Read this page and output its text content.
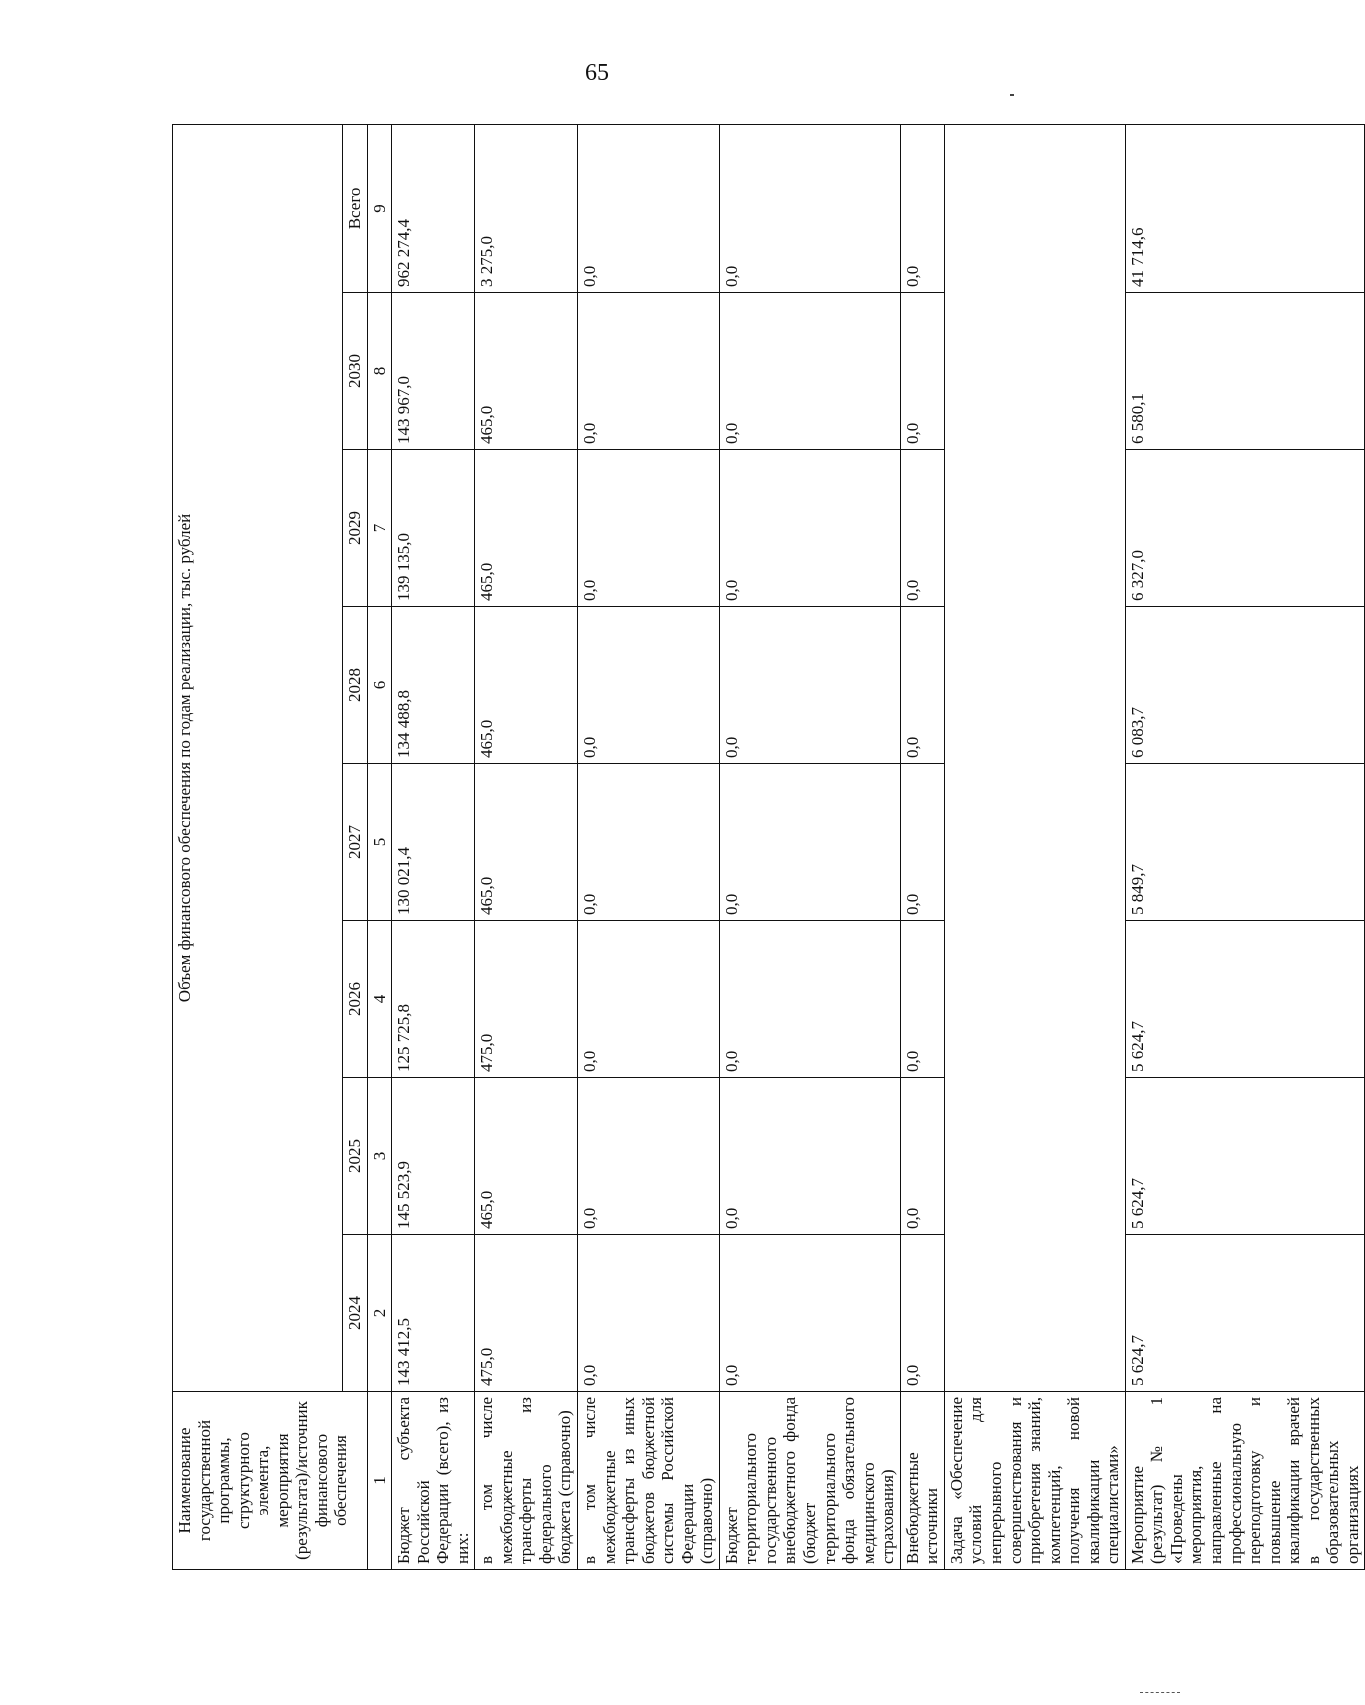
65
Наименование государственной программы, структурного элемента, мероприятия (результата)/источник финансового обеспечения	Объем финансового обеспечения по годам реализации, тыс. рублей							
	2024	2025	2026	2027	2028	2029	2030	Всего

1	2	3	4	5	6	7	8	9
Бюджет субъекта Российской Федерации (всего), из них:	143 412,5	145 523,9	125 725,8	130 021,4	134 488,8	139 135,0	143 967,0	962 274,4
в том числе межбюджетные трансферты из федерального бюджета (справочно)	475,0	465,0	475,0	465,0	465,0	465,0	465,0	3 275,0
в том числе межбюджетные трансферты из иных бюджетов бюджетной системы Российской Федерации (справочно)	0,0	0,0	0,0	0,0	0,0	0,0	0,0	0,0
Бюджет территориального государственного внебюджетного фонда (бюджет территориального фонда обязательного медицинского страхования)	0,0	0,0	0,0	0,0	0,0	0,0	0,0	0,0
Внебюджетные источники	0,0	0,0	0,0	0,0	0,0	0,0	0,0	0,0
Задача «Обеспечение условий для непрерывного совершенствования и приобретения знаний, компетенций, получения новой квалификации специалистами»								
Мероприятие (результат) № 1 «Проведены мероприятия, направленные на профессиональную переподготовку и повышение квалификации врачей в государственных образовательных организациях	5 624,7	5 624,7	5 624,7	5 849,7	6 083,7	6 327,0	6 580,1	41 714,6
